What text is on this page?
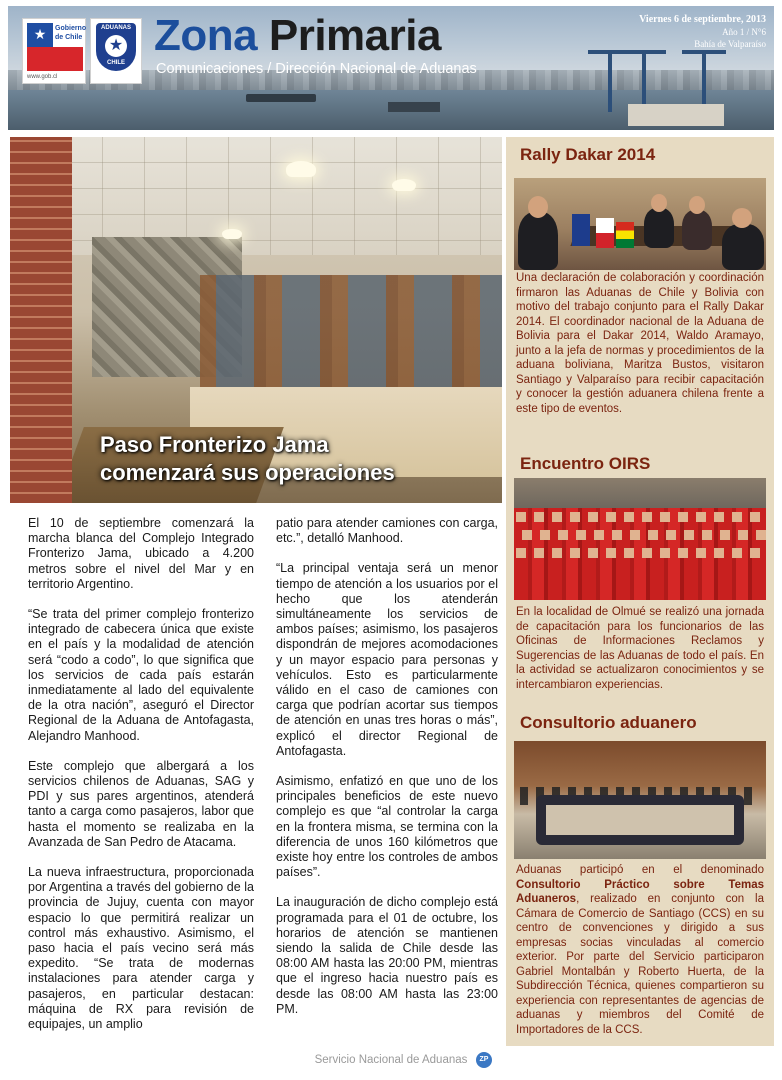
★	Gobierno de Chile
www.gob.cl
ADUANAS
★
CHILE
Zona Primaria
Comunicaciones / Dirección Nacional de Aduanas
Viernes 6 de septiembre, 2013
Año 1 / N°6
Bahía de Valparaíso
Paso Fronterizo Jama
comenzará sus operaciones

El 10 de septiembre comenzará la marcha blanca del Complejo Integrado Fronterizo Jama, ubicado a 4.200 metros sobre el nivel del Mar y en territorio Argentino.

“Se trata del primer complejo fronterizo integrado de cabecera única que existe en el país y la modalidad de atención será “codo a codo”, lo que significa que los servicios de cada país estarán inmediatamente al lado del equivalente de la otra nación”, aseguró el Director Regional de la Aduana de Antofagasta, Alejandro Manhood.

Este complejo que albergará a los servicios chilenos de Aduanas, SAG y PDI y sus pares argentinos, atenderá tanto a carga como pasajeros, labor que hasta el momento se realizaba en la Avanzada de San Pedro de Atacama.

La nueva infraestructura, proporcionada por Argentina a través del gobierno de la provincia de Jujuy, cuenta con mayor espacio lo que permitirá realizar un control más exhaustivo. Asimismo, el paso hacia el país vecino será más expedito. “Se trata de modernas instalaciones para atender carga y pasajeros, en particular destacan: máquina de RX para revisión de equipajes, un amplio

patio para atender camiones con carga, etc.”, detalló Manhood.

“La principal ventaja será un menor tiempo de atención a los usuarios por el hecho que los atenderán simultáneamente los servicios de ambos países; asimismo, los pasajeros dispondrán de mejores acomodaciones y un mayor espacio para personas y vehículos. Esto es particularmente válido en el caso de camiones con carga que podrían acortar sus tiempos de atención en unas tres horas o más”, explicó el director Regional de Antofagasta.

Asimismo, enfatizó en que uno de los principales beneficios de este nuevo complejo es que “al controlar la carga en la frontera misma, se termina con la diferencia de unos 160 kilómetros que existe hoy entre los controles de ambos países”.

La inauguración de dicho complejo está programada para el 01 de octubre, los horarios de atención se mantienen siendo la salida de Chile desde las 08:00 AM hasta las 20:00 PM, mientras que el ingreso hacia nuestro país es desde las 08:00 AM hasta las 23:00 PM.

ZP
Rally Dakar 2014
Una declaración de colaboración y coordinación firmaron las Aduanas de Chile y Bolivia con motivo del trabajo conjunto para el Rally Dakar 2014. El coordinador nacional de la Aduana de Bolivia para el Dakar 2014, Waldo Aramayo, junto a la jefa de normas y procedimientos de la aduana boliviana, Maritza Bustos, visitaron Santiago y Valparaíso para recibir capacitación y conocer la gestión aduanera chilena frente a este tipo de eventos.
Encuentro OIRS
En la localidad de Olmué se realizó una jornada de capacitación para los funcionarios de las Oficinas de Informaciones Reclamos y Sugerencias de las Aduanas de todo el país. En la actividad se actualizaron conocimientos y se intercambiaron experiencias.
Consultorio aduanero
Aduanas participó en el denominado Consultorio Práctico sobre Temas Aduaneros, realizado en conjunto con la Cámara de Comercio de Santiago (CCS) en su centro de convenciones y dirigido a sus empresas socias vinculadas al comercio exterior. Por parte del Servicio participaron Gabriel Montalbán y Roberto Huerta, de la Subdirección Técnica, quienes compartieron su experiencia con representantes de agencias de aduanas y miembros del Comité de Importadores de la CCS.
Servicio Nacional de Aduanas
